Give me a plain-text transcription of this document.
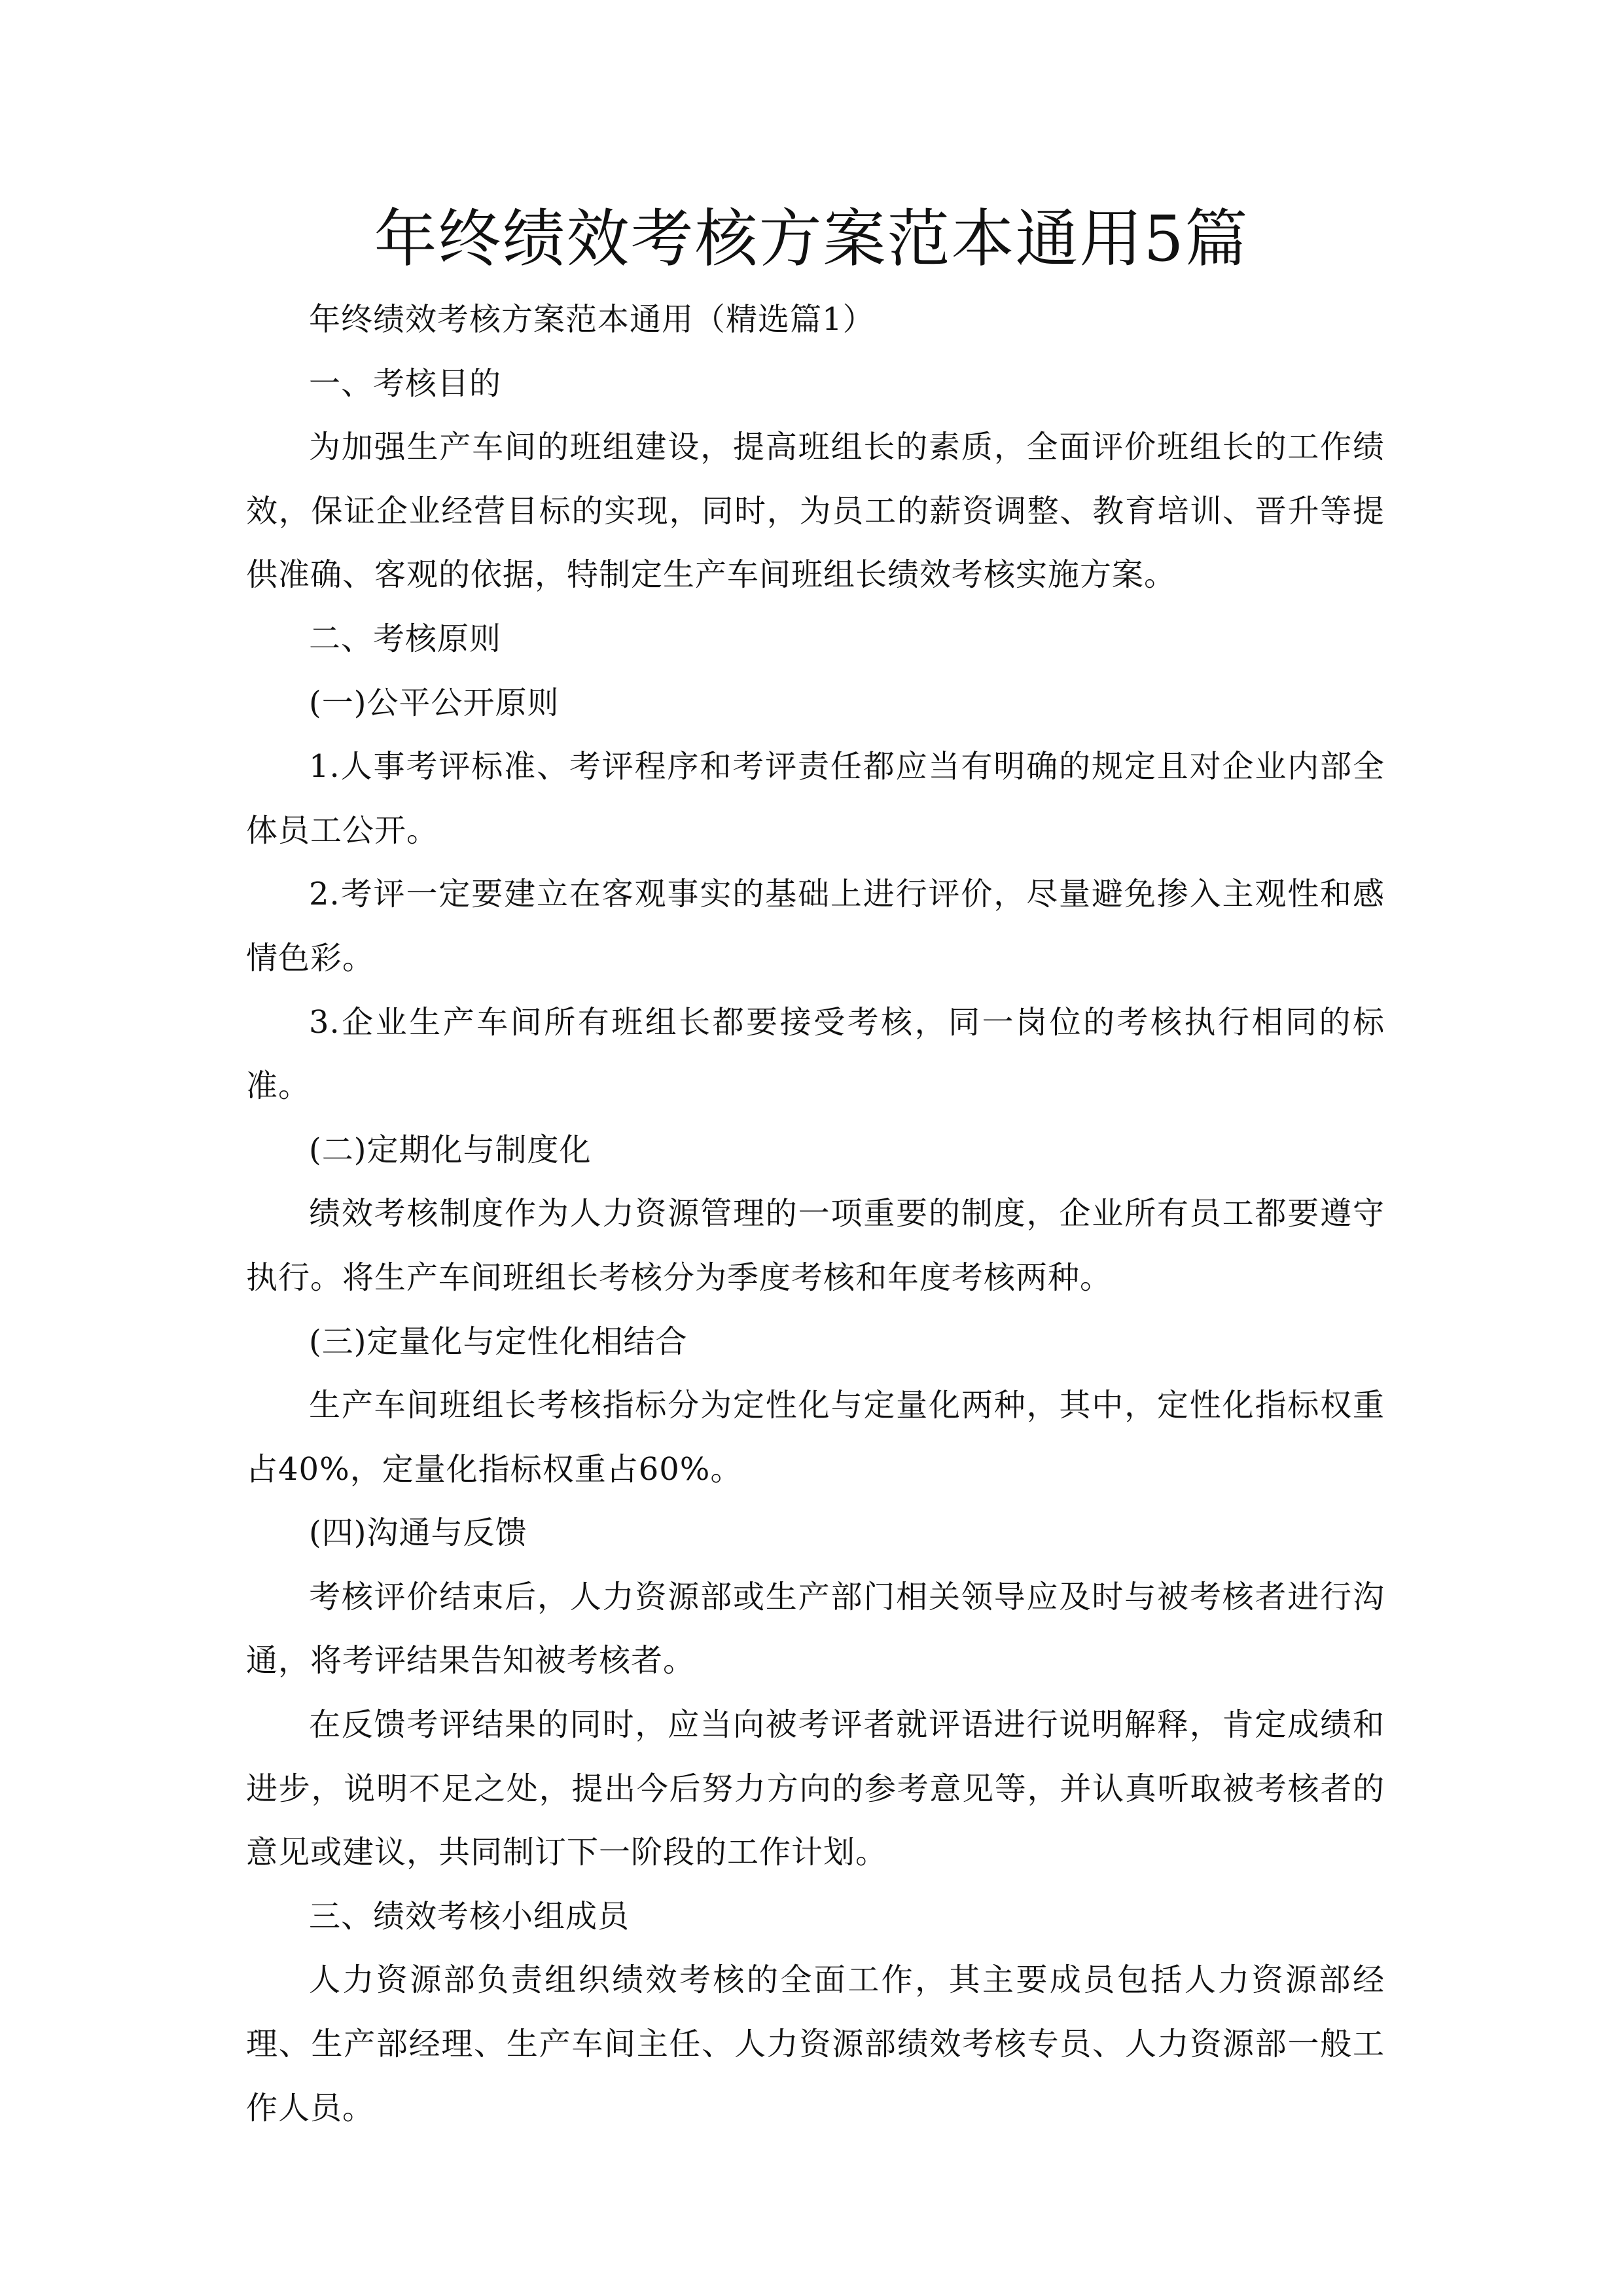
年终绩效考核方案范本通用5篇

年终绩效考核方案范本通用（精选篇1）

一、考核目的

为加强生产车间的班组建设，提高班组长的素质，全面评价班组长的工作绩效，保证企业经营目标的实现，同时，为员工的薪资调整、教育培训、晋升等提供准确、客观的依据，特制定生产车间班组长绩效考核实施方案。

二、考核原则

(一)公平公开原则

1.人事考评标准、考评程序和考评责任都应当有明确的规定且对企业内部全体员工公开。

2.考评一定要建立在客观事实的基础上进行评价，尽量避免掺入主观性和感情色彩。

3.企业生产车间所有班组长都要接受考核，同一岗位的考核执行相同的标准。

(二)定期化与制度化

绩效考核制度作为人力资源管理的一项重要的制度，企业所有员工都要遵守执行。将生产车间班组长考核分为季度考核和年度考核两种。

(三)定量化与定性化相结合

生产车间班组长考核指标分为定性化与定量化两种，其中，定性化指标权重占40%，定量化指标权重占60%。

(四)沟通与反馈

考核评价结束后，人力资源部或生产部门相关领导应及时与被考核者进行沟通，将考评结果告知被考核者。

在反馈考评结果的同时，应当向被考评者就评语进行说明解释，肯定成绩和进步，说明不足之处，提出今后努力方向的参考意见等，并认真听取被考核者的意见或建议，共同制订下一阶段的工作计划。

三、绩效考核小组成员

人力资源部负责组织绩效考核的全面工作，其主要成员包括人力资源部经理、生产部经理、生产车间主任、人力资源部绩效考核专员、人力资源部一般工作人员。
